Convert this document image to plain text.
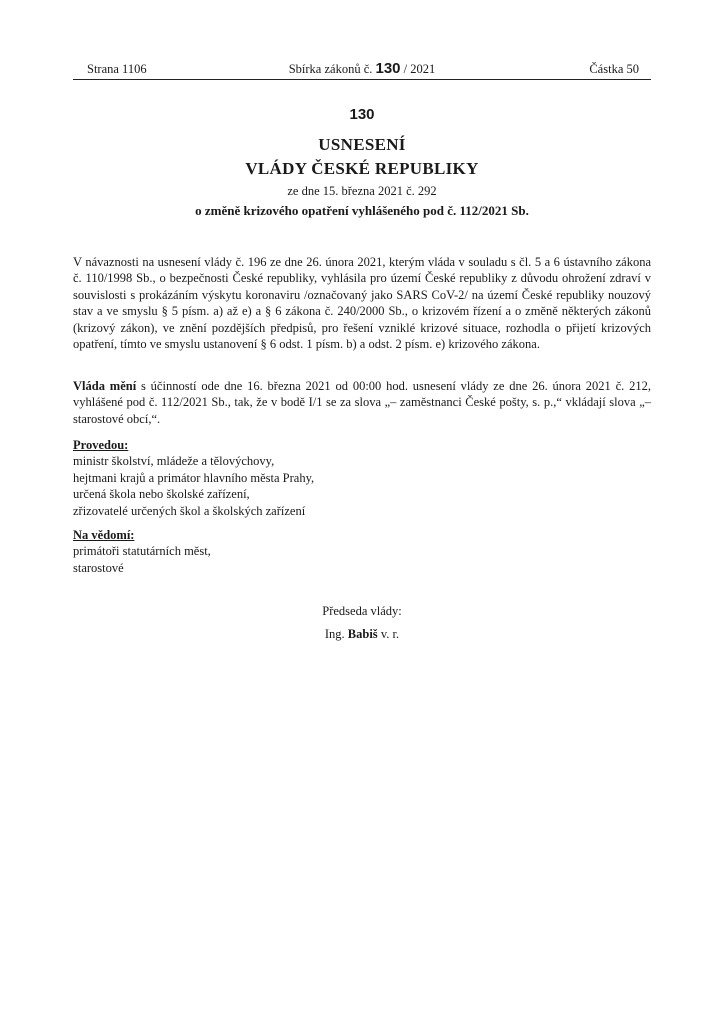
Strana 1106	Sbírka zákonů č. 130 / 2021	Částka 50
130
USNESENÍ
VLÁDY ČESKÉ REPUBLIKY
ze dne 15. března 2021 č. 292
o změně krizového opatření vyhlášeného pod č. 112/2021 Sb.

V návaznosti na usnesení vlády č. 196 ze dne 26. února 2021, kterým vláda v souladu s čl. 5 a 6 ústavního zákona č. 110/1998 Sb., o bezpečnosti České republiky, vyhlásila pro území České republiky z důvodu ohrožení zdraví v souvislosti s prokázáním výskytu koronaviru /označovaný jako SARS CoV-2/ na území České republiky nouzový stav a ve smyslu § 5 písm. a) až e) a § 6 zákona č. 240/2000 Sb., o krizovém řízení a o změně některých zákonů (krizový zákon), ve znění pozdějších předpisů, pro řešení vzniklé krizové situace, rozhodla o přijetí krizových opatření, tímto ve smyslu ustanovení § 6 odst. 1 písm. b) a odst. 2 písm. e) krizového zákona.

Vláda mění s účinností ode dne 16. března 2021 od 00:00 hod. usnesení vlády ze dne 26. února 2021 č. 212, vyhlášené pod č. 112/2021 Sb., tak, že v bodě I/1 se za slova „– zaměstnanci České pošty, s. p.,“ vkládají slova „– starostové obcí,“.

Provedou:
ministr školství, mládeže a tělovýchovy,
hejtmani krajů a primátor hlavního města Prahy,
určená škola nebo školské zařízení,
zřizovatelé určených škol a školských zařízení
Na vědomí:
primátoři statutárních měst,
starostové
Předseda vlády:
Ing. Babiš v. r.
